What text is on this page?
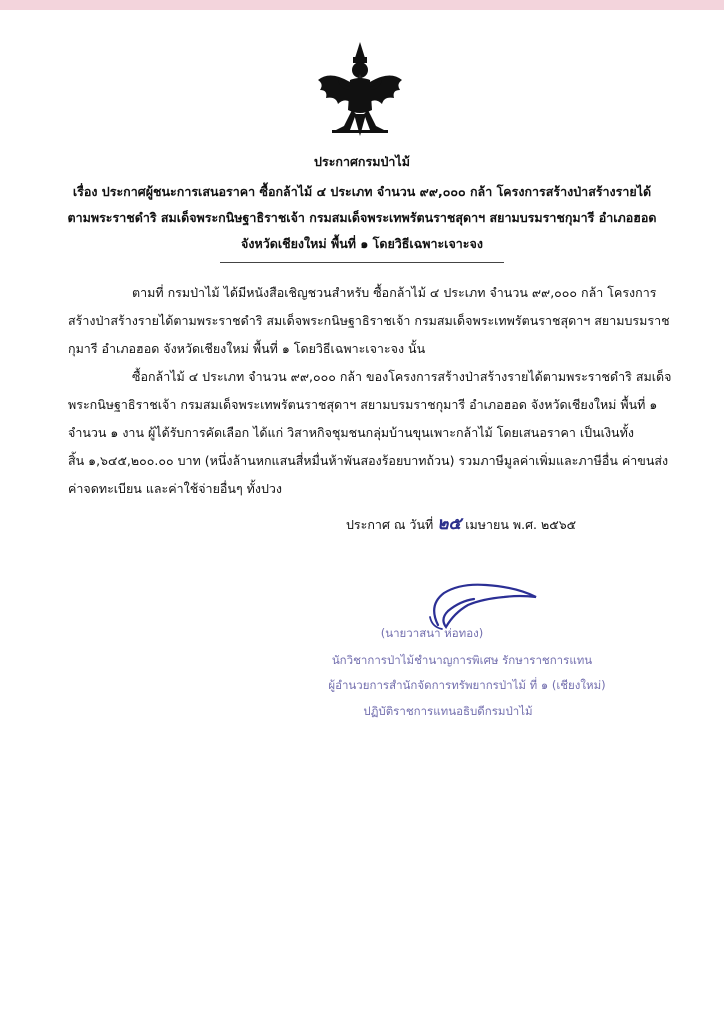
ประกาศกรมป่าไม้
เรื่อง ประกาศผู้ชนะการเสนอราคา ซื้อกล้าไม้ ๔ ประเภท จำนวน ๙๙,๐๐๐ กล้า โครงการสร้างป่าสร้างรายได้
ตามพระราชดำริ สมเด็จพระกนิษฐาธิราชเจ้า กรมสมเด็จพระเทพรัตนราชสุดาฯ สยามบรมราชกุมารี อำเภอฮอด
จังหวัดเชียงใหม่ พื้นที่ ๑ โดยวิธีเฉพาะเจาะจง
ตามที่ กรมป่าไม้ ได้มีหนังสือเชิญชวนสำหรับ ซื้อกล้าไม้ ๔ ประเภท จำนวน ๙๙,๐๐๐ กล้า โครงการ
สร้างป่าสร้างรายได้ตามพระราชดำริ สมเด็จพระกนิษฐาธิราชเจ้า กรมสมเด็จพระเทพรัตนราชสุดาฯ สยามบรมราช
กุมารี อำเภอฮอด จังหวัดเชียงใหม่ พื้นที่ ๑ โดยวิธีเฉพาะเจาะจง นั้น
ซื้อกล้าไม้ ๔ ประเภท จำนวน ๙๙,๐๐๐ กล้า ของโครงการสร้างป่าสร้างรายได้ตามพระราชดำริ สมเด็จ
พระกนิษฐาธิราชเจ้า กรมสมเด็จพระเทพรัตนราชสุดาฯ สยามบรมราชกุมารี อำเภอฮอด จังหวัดเชียงใหม่ พื้นที่ ๑
จำนวน ๑ งาน ผู้ได้รับการคัดเลือก ได้แก่ วิสาหกิจชุมชนกลุ่มบ้านขุนเพาะกล้าไม้ โดยเสนอราคา เป็นเงินทั้ง
สิ้น ๑,๖๔๕,๒๐๐.๐๐ บาท (หนึ่งล้านหกแสนสี่หมื่นห้าพันสองร้อยบาทถ้วน) รวมภาษีมูลค่าเพิ่มและภาษีอื่น ค่าขนส่ง
ค่าจดทะเบียน และค่าใช้จ่ายอื่นๆ ทั้งปวง
ประกาศ ณ วันที่ ๒๕ เมษายน พ.ศ. ๒๕๖๕
(นายวาสนา ห่อทอง)
นักวิชาการป่าไม้ชำนาญการพิเศษ รักษาราชการแทน
ผู้อำนวยการสำนักจัดการทรัพยากรป่าไม้ ที่ ๑ (เชียงใหม่)
ปฏิบัติราชการแทนอธิบดีกรมป่าไม้
